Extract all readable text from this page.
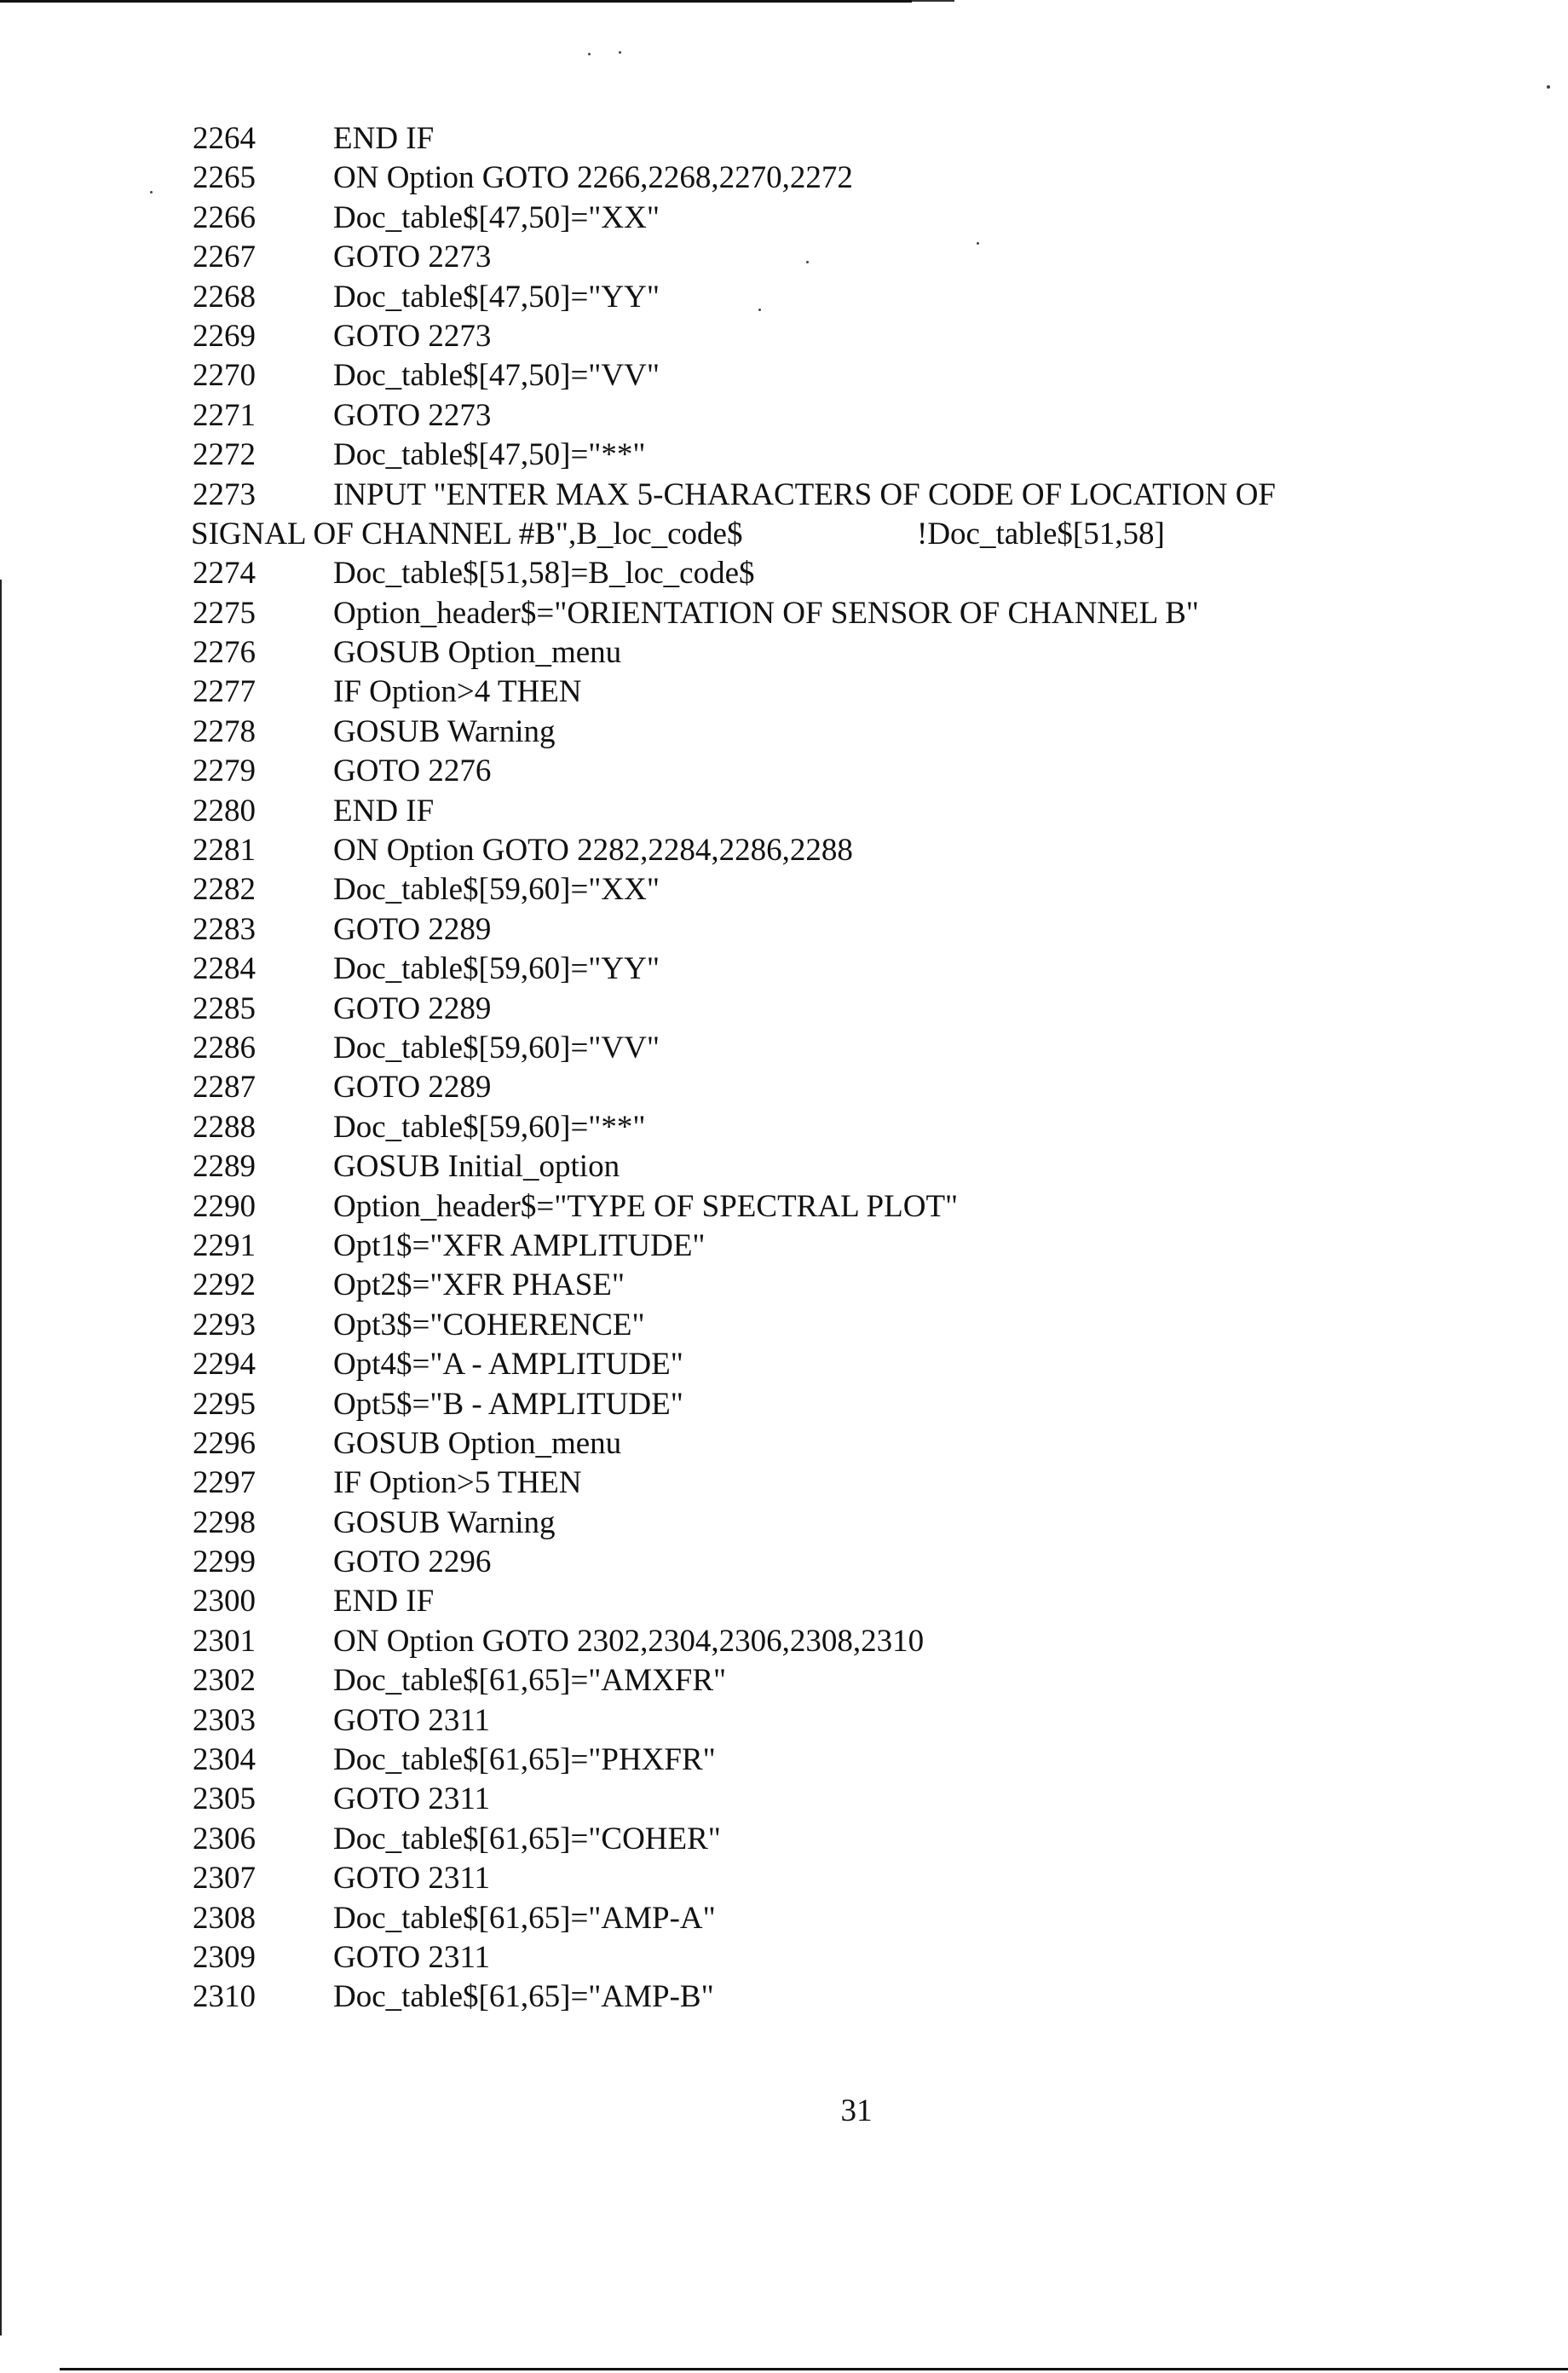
2264	END IF
2265	ON Option GOTO 2266,2268,2270,2272
2266	Doc_table$[47,50]="XX"
2267	GOTO 2273
2268	Doc_table$[47,50]="YY"
2269	GOTO 2273
2270	Doc_table$[47,50]="VV"
2271	GOTO 2273
2272	Doc_table$[47,50]="**"
2273	INPUT "ENTER MAX 5-CHARACTERS OF CODE OF LOCATION OF
SIGNAL OF CHANNEL #B",B_loc_code$	!Doc_table$[51,58]
2274	Doc_table$[51,58]=B_loc_code$
2275	Option_header$="ORIENTATION OF SENSOR OF CHANNEL B"
2276	GOSUB Option_menu
2277	IF Option>4 THEN
2278	GOSUB Warning
2279	GOTO 2276
2280	END IF
2281	ON Option GOTO 2282,2284,2286,2288
2282	Doc_table$[59,60]="XX"
2283	GOTO 2289
2284	Doc_table$[59,60]="YY"
2285	GOTO 2289
2286	Doc_table$[59,60]="VV"
2287	GOTO 2289
2288	Doc_table$[59,60]="**"
2289	GOSUB Initial_option
2290	Option_header$="TYPE OF SPECTRAL PLOT"
2291	Opt1$="XFR AMPLITUDE"
2292	Opt2$="XFR PHASE"
2293	Opt3$="COHERENCE"
2294	Opt4$="A - AMPLITUDE"
2295	Opt5$="B - AMPLITUDE"
2296	GOSUB Option_menu
2297	IF Option>5 THEN
2298	GOSUB Warning
2299	GOTO 2296
2300	END IF
2301	ON Option GOTO 2302,2304,2306,2308,2310
2302	Doc_table$[61,65]="AMXFR"
2303	GOTO 2311
2304	Doc_table$[61,65]="PHXFR"
2305	GOTO 2311
2306	Doc_table$[61,65]="COHER"
2307	GOTO 2311
2308	Doc_table$[61,65]="AMP-A"
2309	GOTO 2311
2310	Doc_table$[61,65]="AMP-B"
31
